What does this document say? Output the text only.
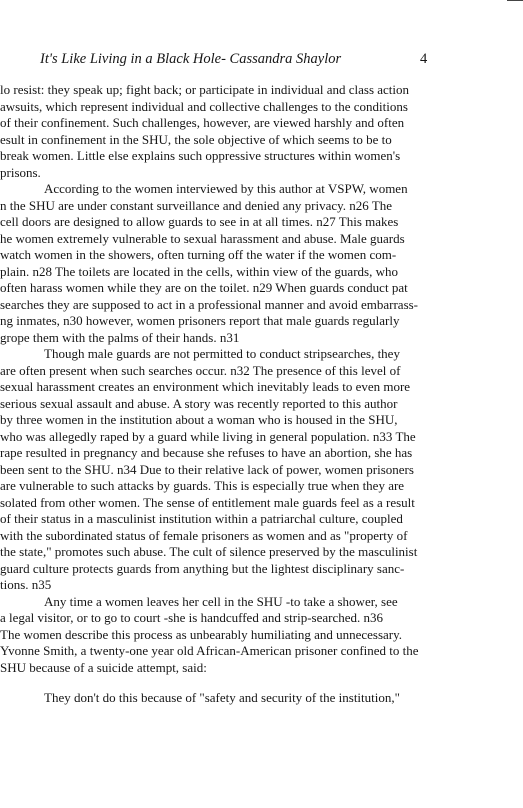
It's Like Living in a Black Hole- Cassandra Shaylor	4
lo resist: they speak up; fight back; or participate in individual and class action
awsuits, which represent individual and collective challenges to the conditions
of their confinement. Such challenges, however, are viewed harshly and often
esult in confinement in the SHU, the sole objective of which seems to be to
break women. Little else explains such oppressive structures within women's
prisons.
According to the women interviewed by this author at VSPW, women
n the SHU are under constant surveillance and denied any privacy. n26 The
cell doors are designed to allow guards to see in at all times. n27 This makes
he women extremely vulnerable to sexual harassment and abuse. Male guards
watch women in the showers, often turning off the water if the women com-
plain. n28 The toilets are located in the cells, within view of the guards, who
often harass women while they are on the toilet. n29 When guards conduct pat
searches they are supposed to act in a professional manner and avoid embarrass-
ng inmates, n30 however, women prisoners report that male guards regularly
grope them with the palms of their hands. n31
Though male guards are not permitted to conduct stripsearches, they
are often present when such searches occur. n32 The presence of this level of
sexual harassment creates an environment which inevitably leads to even more
serious sexual assault and abuse. A story was recently reported to this author
by three women in the institution about a woman who is housed in the SHU,
who was allegedly raped by a guard while living in general population. n33 The
rape resulted in pregnancy and because she refuses to have an abortion, she has
been sent to the SHU. n34 Due to their relative lack of power, women prisoners
are vulnerable to such attacks by guards. This is especially true when they are
solated from other women. The sense of entitlement male guards feel as a result
of their status in a masculinist institution within a patriarchal culture, coupled
with the subordinated status of female prisoners as women and as "property of
the state," promotes such abuse. The cult of silence preserved by the masculinist
guard culture protects guards from anything but the lightest disciplinary sanc-
tions. n35
Any time a women leaves her cell in the SHU -to take a shower, see
a legal visitor, or to go to court -she is handcuffed and strip-searched. n36
The women describe this process as unbearably humiliating and unnecessary.
Yvonne Smith, a twenty-one year old African-American prisoner confined to the
SHU because of a suicide attempt, said:
They don't do this because of "safety and security of the institution,"
